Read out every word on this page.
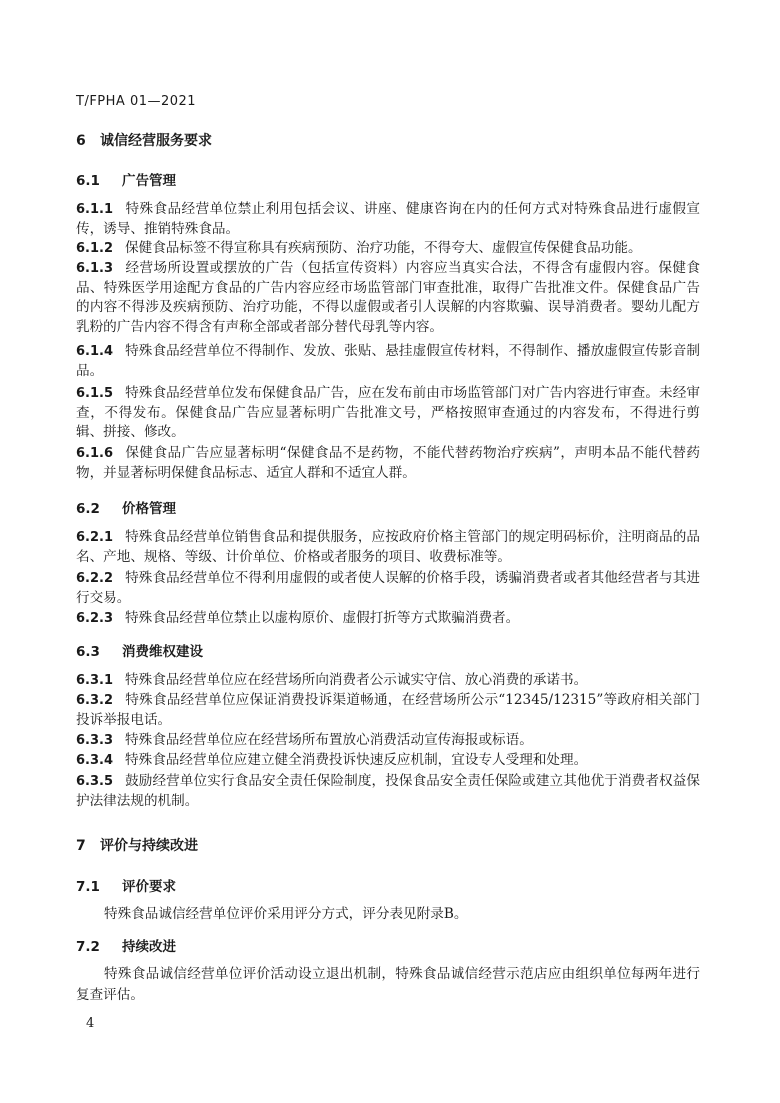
T/FPHA 01—2021
6 诚信经营服务要求
6.1 广告管理
6.1.1 特殊食品经营单位禁止利用包括会议、讲座、健康咨询在内的任何方式对特殊食品进行虚假宣传，诱导、推销特殊食品。
6.1.2 保健食品标签不得宣称具有疾病预防、治疗功能，不得夸大、虚假宣传保健食品功能。
6.1.3 经营场所设置或摆放的广告（包括宣传资料）内容应当真实合法，不得含有虚假内容。保健食品、特殊医学用途配方食品的广告内容应经市场监管部门审查批准，取得广告批准文件。保健食品广告的内容不得涉及疾病预防、治疗功能，不得以虚假或者引人误解的内容欺骗、误导消费者。婴幼儿配方乳粉的广告内容不得含有声称全部或者部分替代母乳等内容。
6.1.4 特殊食品经营单位不得制作、发放、张贴、悬挂虚假宣传材料，不得制作、播放虚假宣传影音制品。
6.1.5 特殊食品经营单位发布保健食品广告，应在发布前由市场监管部门对广告内容进行审查。未经审查，不得发布。保健食品广告应显著标明广告批准文号，严格按照审查通过的内容发布，不得进行剪辑、拼接、修改。
6.1.6 保健食品广告应显著标明“保健食品不是药物，不能代替药物治疗疾病”，声明本品不能代替药物，并显著标明保健食品标志、适宜人群和不适宜人群。
6.2 价格管理
6.2.1 特殊食品经营单位销售食品和提供服务，应按政府价格主管部门的规定明码标价，注明商品的品名、产地、规格、等级、计价单位、价格或者服务的项目、收费标准等。
6.2.2 特殊食品经营单位不得利用虚假的或者使人误解的价格手段，诱骗消费者或者其他经营者与其进行交易。
6.2.3 特殊食品经营单位禁止以虚构原价、虚假打折等方式欺骗消费者。
6.3 消费维权建设
6.3.1 特殊食品经营单位应在经营场所向消费者公示诚实守信、放心消费的承诺书。
6.3.2 特殊食品经营单位应保证消费投诉渠道畅通，在经营场所公示“12345/12315”等政府相关部门投诉举报电话。
6.3.3 特殊食品经营单位应在经营场所布置放心消费活动宣传海报或标语。
6.3.4 特殊食品经营单位应建立健全消费投诉快速反应机制，宜设专人受理和处理。
6.3.5 鼓励经营单位实行食品安全责任保险制度，投保食品安全责任保险或建立其他优于消费者权益保护法律法规的机制。
7 评价与持续改进
7.1 评价要求
特殊食品诚信经营单位评价采用评分方式，评分表见附录B。
7.2 持续改进
特殊食品诚信经营单位评价活动设立退出机制，特殊食品诚信经营示范店应由组织单位每两年进行复查评估。
4
